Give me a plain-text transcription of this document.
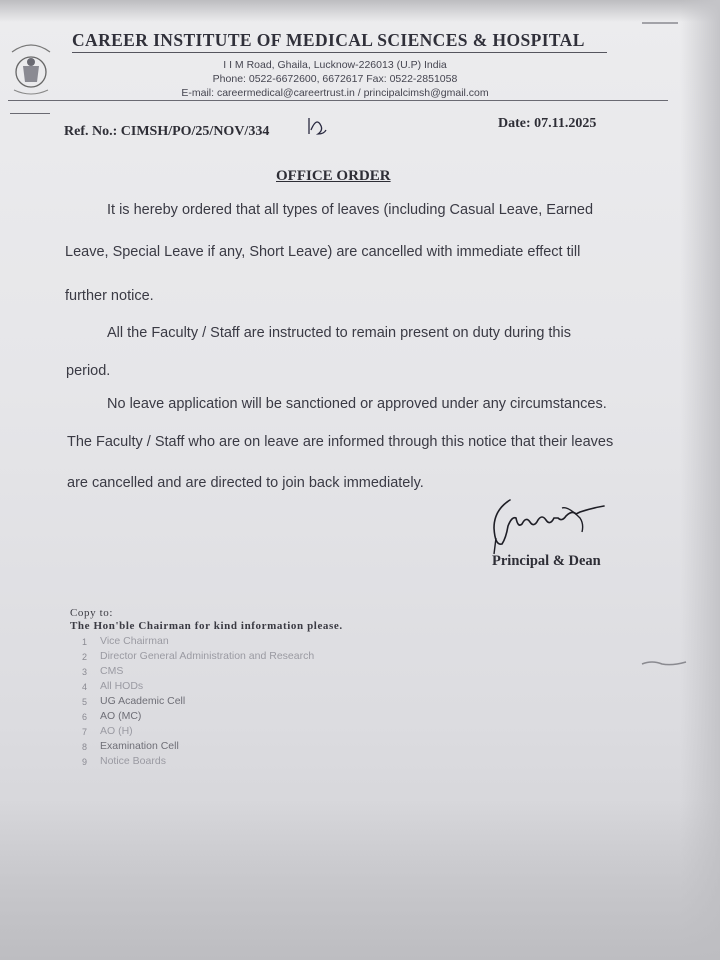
CAREER INSTITUTE OF MEDICAL SCIENCES & HOSPITAL
I I M Road, Ghaila, Lucknow-226013 (U.P) India
Phone: 0522-6672600, 6672617 Fax: 0522-2851058
E-mail: careermedical@careertrust.in / principalcimsh@gmail.com
Ref. No.: CIMSH/PO/25/NOV/334
Date: 07.11.2025
OFFICE ORDER
It is hereby ordered that all types of leaves (including Casual Leave, Earned
Leave, Special Leave if any, Short Leave) are cancelled with immediate effect till
further notice.
All the Faculty / Staff are instructed to remain present on duty during this
period.
No leave application will be sanctioned or approved under any circumstances.
The Faculty / Staff who are on leave are informed through this notice that their leaves
are cancelled and are directed to join back immediately.
Principal & Dean
Copy to:
The Hon'ble Chairman for kind information please.
1 Vice Chairman
2 Director General Administration and Research
3 CMS
4 All HODs
5 UG Academic Cell
6 AO (MC)
7 AO (H)
8 Examination Cell
9 Notice Boards
